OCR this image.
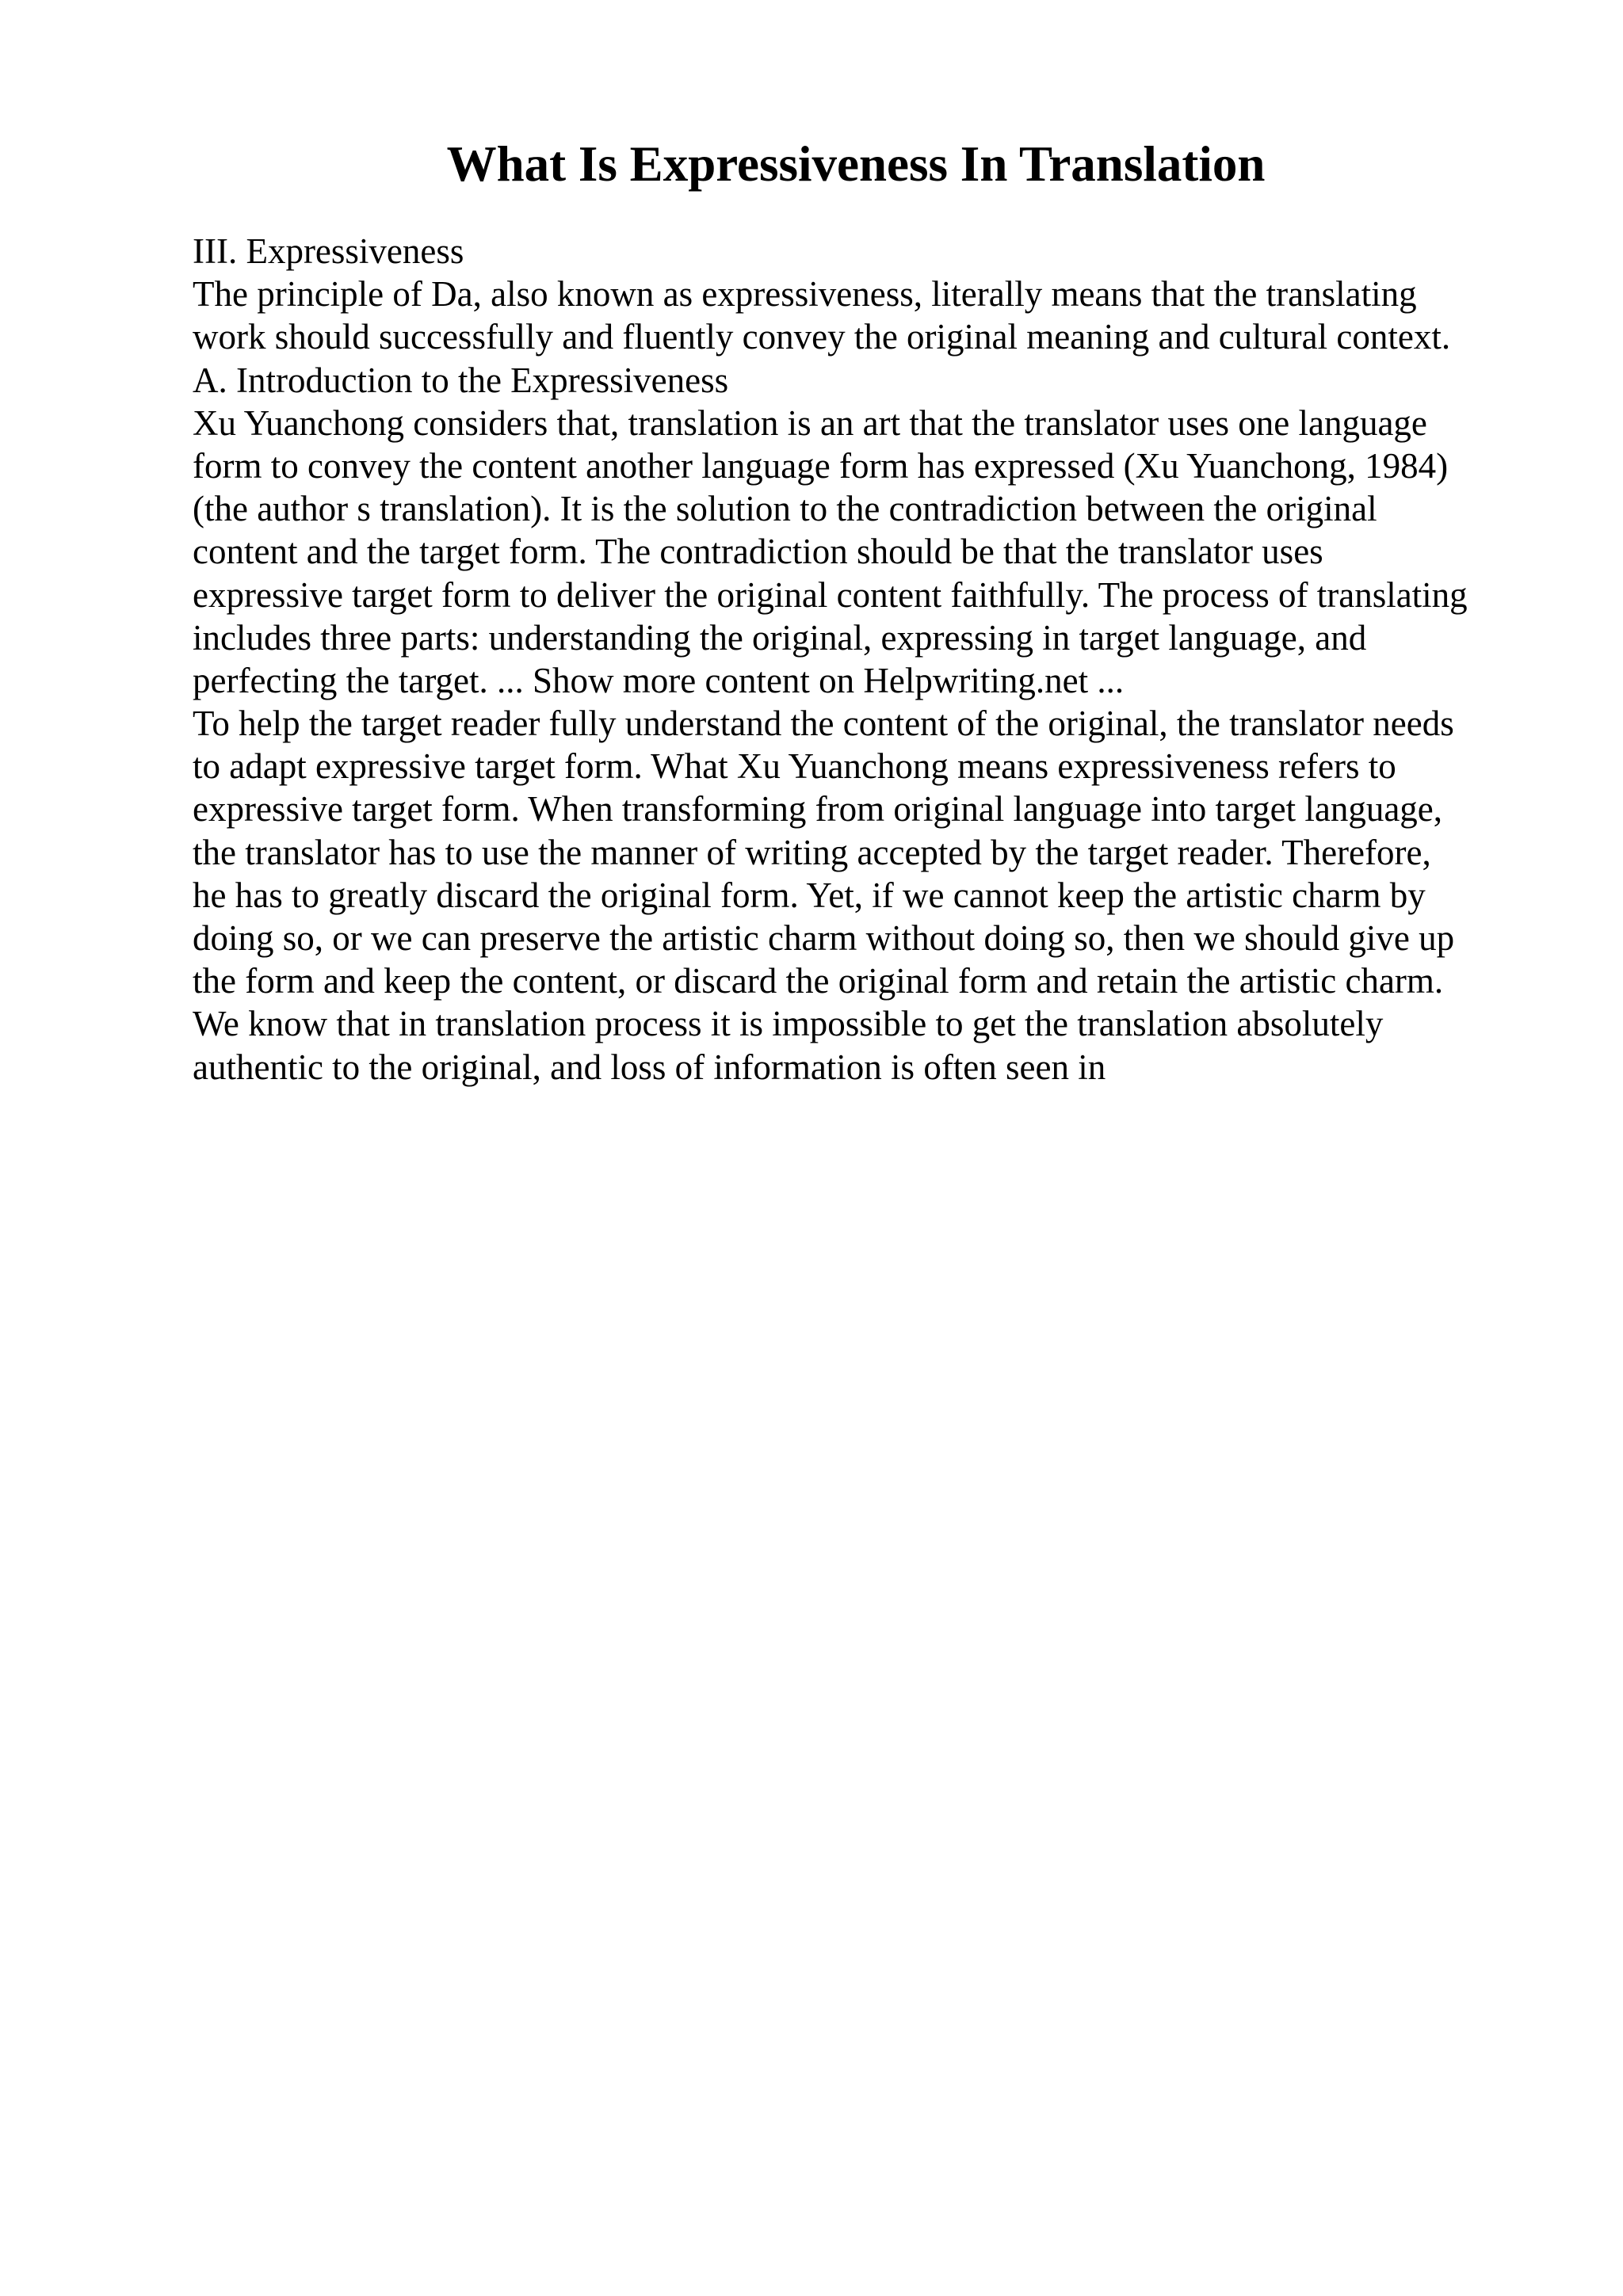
What Is Expressiveness In Translation
III. Expressiveness
The principle of Da, also known as expressiveness, literally means that the translating
work should successfully and fluently convey the original meaning and cultural context.
A. Introduction to the Expressiveness
Xu Yuanchong considers that, translation is an art that the translator uses one language
form to convey the content another language form has expressed (Xu Yuanchong, 1984)
(the author s translation). It is the solution to the contradiction between the original
content and the target form. The contradiction should be that the translator uses
expressive target form to deliver the original content faithfully. The process of translating
includes three parts: understanding the original, expressing in target language, and
perfecting the target. ... Show more content on Helpwriting.net ...
To help the target reader fully understand the content of the original, the translator needs
to adapt expressive target form. What Xu Yuanchong means expressiveness refers to
expressive target form. When transforming from original language into target language,
the translator has to use the manner of writing accepted by the target reader. Therefore,
he has to greatly discard the original form. Yet, if we cannot keep the artistic charm by
doing so, or we can preserve the artistic charm without doing so, then we should give up
the form and keep the content, or discard the original form and retain the artistic charm.
We know that in translation process it is impossible to get the translation absolutely
authentic to the original, and loss of information is often seen in
